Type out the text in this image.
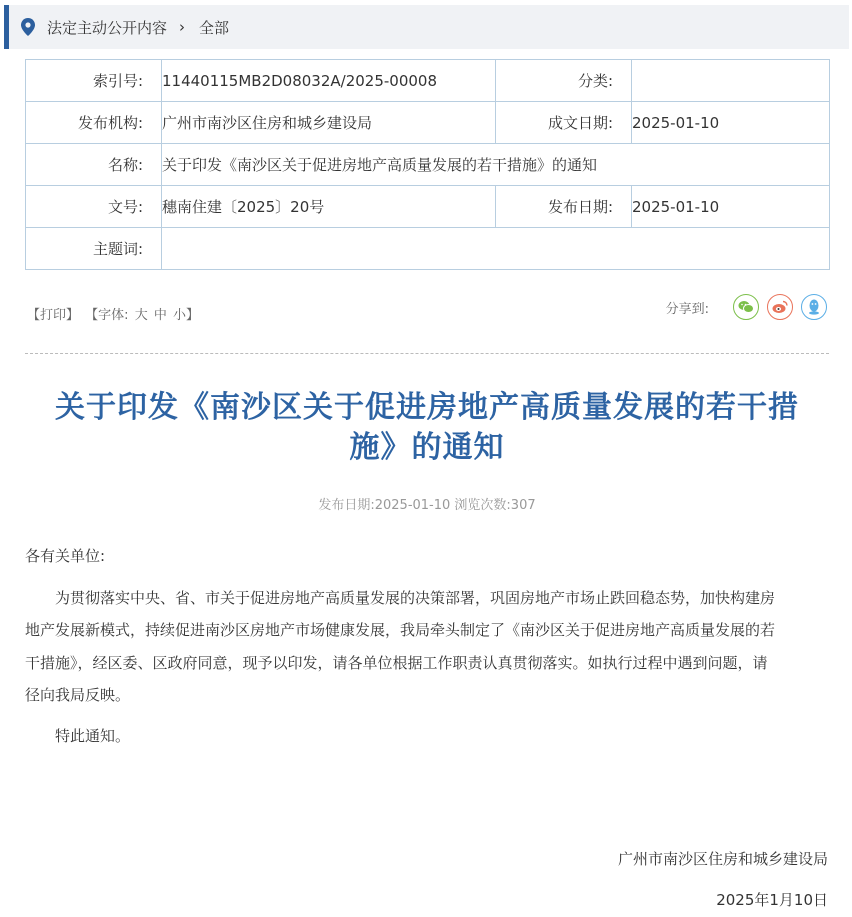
法定主动公开内容 › 全部
索引号:	11440115MB2D08032A/2025-00008	分类:	
发布机构:	广州市南沙区住房和城乡建设局	成文日期:	2025-01-10
名称:	关于印发《南沙区关于促进房地产高质量发展的若干措施》的通知		
文号:	穗南住建〔2025〕20号	发布日期:	2025-01-10
主题词:			
【打印】 【字体: 大 中 小】	分享到:
关于印发《南沙区关于促进房地产高质量发展的若干措
施》的通知
发布日期:2025-01-10 浏览次数:307

各有关单位:

为贯彻落实中央、省、市关于促进房地产高质量发展的决策部署，巩固房地产市场止跌回稳态势，加快构建房

地产发展新模式，持续促进南沙区房地产市场健康发展，我局牵头制定了《南沙区关于促进房地产高质量发展的若

干措施》，经区委、区政府同意，现予以印发，请各单位根据工作职责认真贯彻落实。如执行过程中遇到问题，请

径向我局反映。

特此通知。

广州市南沙区住房和城乡建设局
2025年1月10日
